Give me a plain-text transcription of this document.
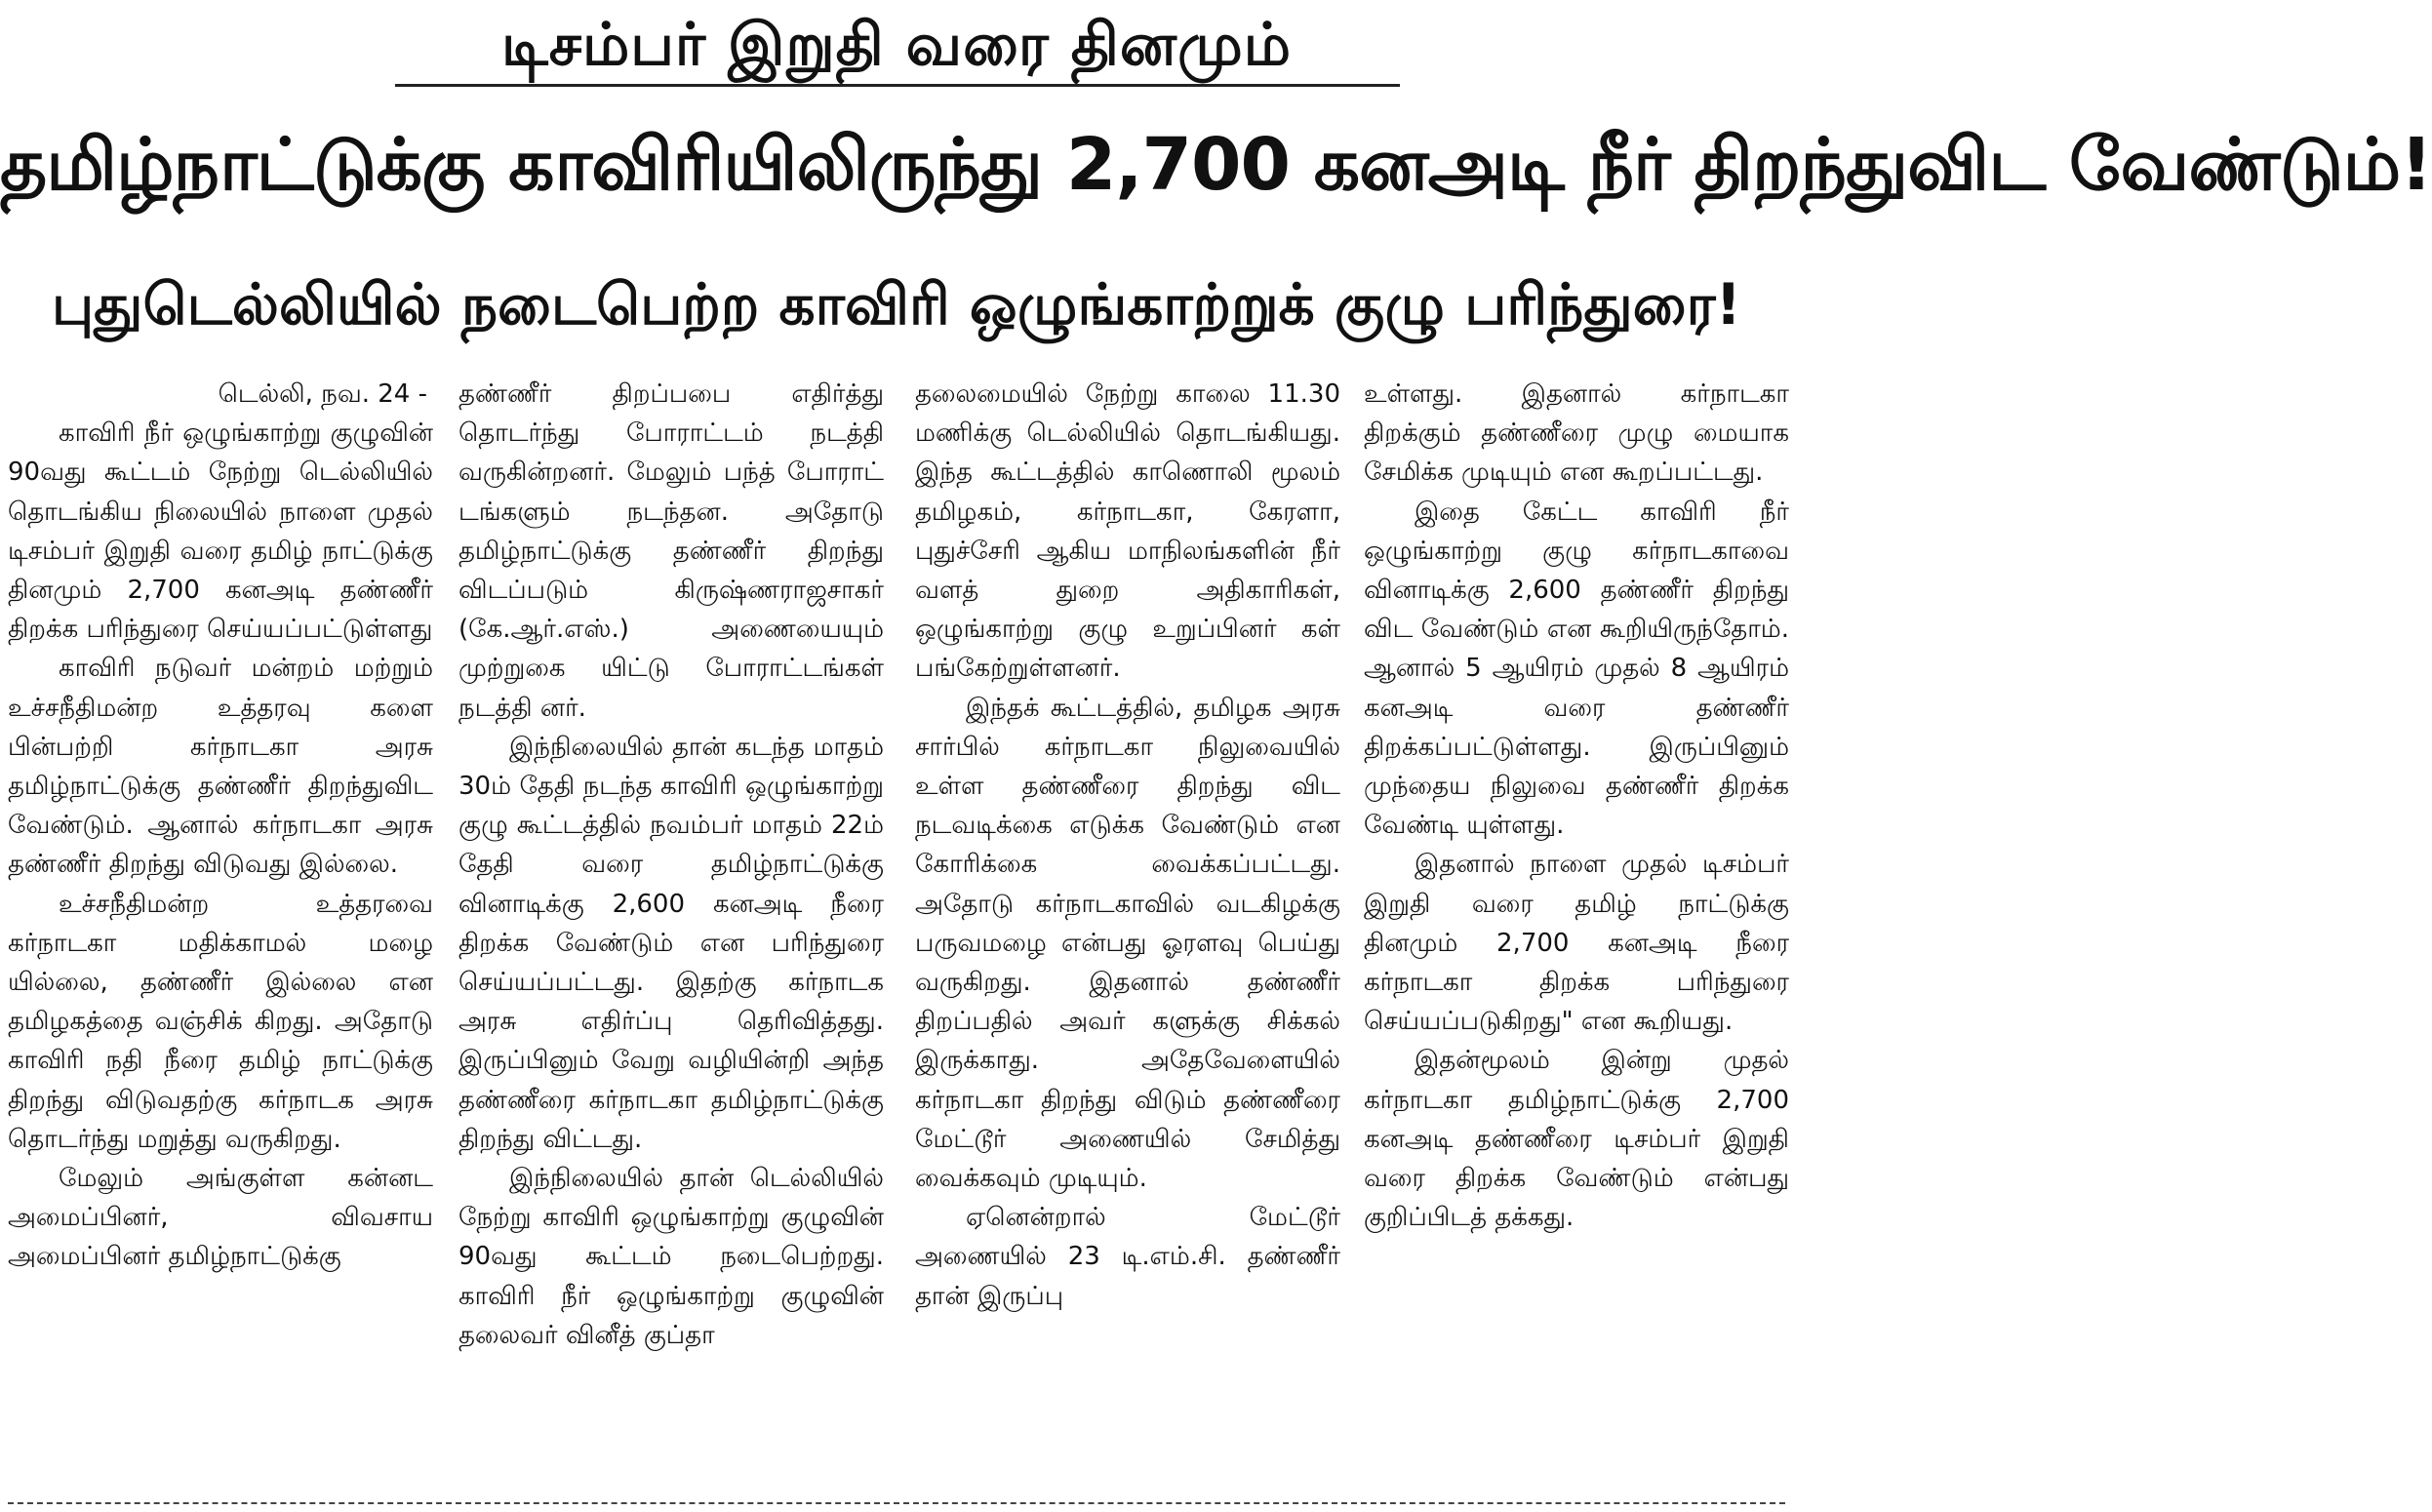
டிசம்பர் இறுதி வரை தினமும்
தமிழ்நாட்டுக்கு காவிரியிலிருந்து 2,700 கனஅடி நீர் திறந்துவிட வேண்டும்!
புதுடெல்லியில் நடைபெற்ற காவிரி ஒழுங்காற்றுக் குழு பரிந்துரை!

டெல்லி, நவ. 24 -

காவிரி நீர் ஒழுங்காற்று குழுவின் 90வது கூட்டம் நேற்று டெல்லியில் தொடங்கிய நிலையில் நாளை முதல் டிசம்பர் இறுதி வரை தமிழ் நாட்டுக்கு தினமும் 2,700 கனஅடி தண்ணீர் திறக்க பரிந்துரை செய்யப்பட்டுள்ளது

காவிரி நடுவர் மன்றம் மற்றும் உச்சநீதிமன்ற உத்தரவு களை பின்பற்றி கர்நாடகா அரசு தமிழ்நாட்டுக்கு தண்ணீர் திறந்துவிட வேண்டும். ஆனால் கர்நாடகா அரசு தண்ணீர் திறந்து விடுவது இல்லை.

உச்சநீதிமன்ற உத்தரவை கர்நாடகா மதிக்காமல் மழை யில்லை, தண்ணீர் இல்லை என தமிழகத்தை வஞ்சிக் கிறது. அதோடு காவிரி நதி நீரை தமிழ் நாட்டுக்கு திறந்து விடுவதற்கு கர்நாடக அரசு தொடர்ந்து மறுத்து வருகிறது.

மேலும் அங்குள்ள கன்னட அமைப்பினர், விவசாய அமைப்பினர் தமிழ்நாட்டுக்கு

தண்ணீர் திறப்பபை எதிர்த்து தொடர்ந்து போராட்டம் நடத்தி வருகின்றனர். மேலும் பந்த் போராட் டங்களும் நடந்தன. அதோடு தமிழ்நாட்டுக்கு தண்ணீர் திறந்து விடப்படும் கிருஷ்ணராஜசாகர் (கே.ஆர்.எஸ்.) அணையையும் முற்றுகை யிட்டு போராட்டங்கள் நடத்தி னர்.

இந்நிலையில் தான் கடந்த மாதம் 30ம் தேதி நடந்த காவிரி ஒழுங்காற்று குழு கூட்டத்தில் நவம்பர் மாதம் 22ம் தேதி வரை தமிழ்நாட்டுக்கு வினாடிக்கு 2,600 கனஅடி நீரை திறக்க வேண்டும் என பரிந்துரை செய்யப்பட்டது. இதற்கு கர்நாடக அரசு எதிர்ப்பு தெரிவித்தது. இருப்பினும் வேறு வழியின்றி அந்த தண்ணீரை கர்நாடகா தமிழ்நாட்டுக்கு திறந்து விட்டது.

இந்நிலையில் தான் டெல்லியில் நேற்று காவிரி ஒழுங்காற்று குழுவின் 90வது கூட்டம் நடைபெற்றது. காவிரி நீர் ஒழுங்காற்று குழுவின் தலைவர் வினீத் குப்தா

தலைமையில் நேற்று காலை 11.30 மணிக்கு டெல்லியில் தொடங்கியது. இந்த கூட்டத்தில் காணொலி மூலம் தமிழகம், கர்நாடகா, கேரளா, புதுச்சேரி ஆகிய மாநிலங்களின் நீர் வளத் துறை அதிகாரிகள், ஒழுங்காற்று குழு உறுப்பினர் கள் பங்கேற்றுள்ளனர்.

இந்தக் கூட்டத்தில், தமிழக அரசு சார்பில் கர்நாடகா நிலுவையில் உள்ள தண்ணீரை திறந்து விட நடவடிக்கை எடுக்க வேண்டும் என கோரிக்கை வைக்கப்பட்டது. அதோடு கர்நாடகாவில் வடகிழக்கு பருவமழை என்பது ஓரளவு பெய்து வருகிறது. இதனால் தண்ணீர் திறப்பதில் அவர் களுக்கு சிக்கல் இருக்காது. அதேவேளையில் கர்நாடகா திறந்து விடும் தண்ணீரை மேட்டூர் அணையில் சேமித்து வைக்கவும் முடியும்.

ஏனென்றால் மேட்டூர் அணையில் 23 டி.எம்.சி. தண்ணீர் தான் இருப்பு

உள்ளது. இதனால் கர்நாடகா திறக்கும் தண்ணீரை முழு மையாக சேமிக்க முடியும் என கூறப்பட்டது.

இதை கேட்ட காவிரி நீர் ஒழுங்காற்று குழு கர்நாடகாவை வினாடிக்கு 2,600 தண்ணீர் திறந்து விட வேண்டும் என கூறியிருந்தோம். ஆனால் 5 ஆயிரம் முதல் 8 ஆயிரம் கனஅடி வரை தண்ணீர் திறக்கப்பட்டுள்ளது. இருப்பினும் முந்தைய நிலுவை தண்ணீர் திறக்க வேண்டி யுள்ளது.

இதனால் நாளை முதல் டிசம்பர் இறுதி வரை தமிழ் நாட்டுக்கு தினமும் 2,700 கனஅடி நீரை கர்நாடகா திறக்க பரிந்துரை செய்யப்படுகிறது" என கூறியது.

இதன்மூலம் இன்று முதல் கர்நாடகா தமிழ்நாட்டுக்கு 2,700 கனஅடி தண்ணீரை டிசம்பர் இறுதி வரை திறக்க வேண்டும் என்பது குறிப்பிடத் தக்கது.
